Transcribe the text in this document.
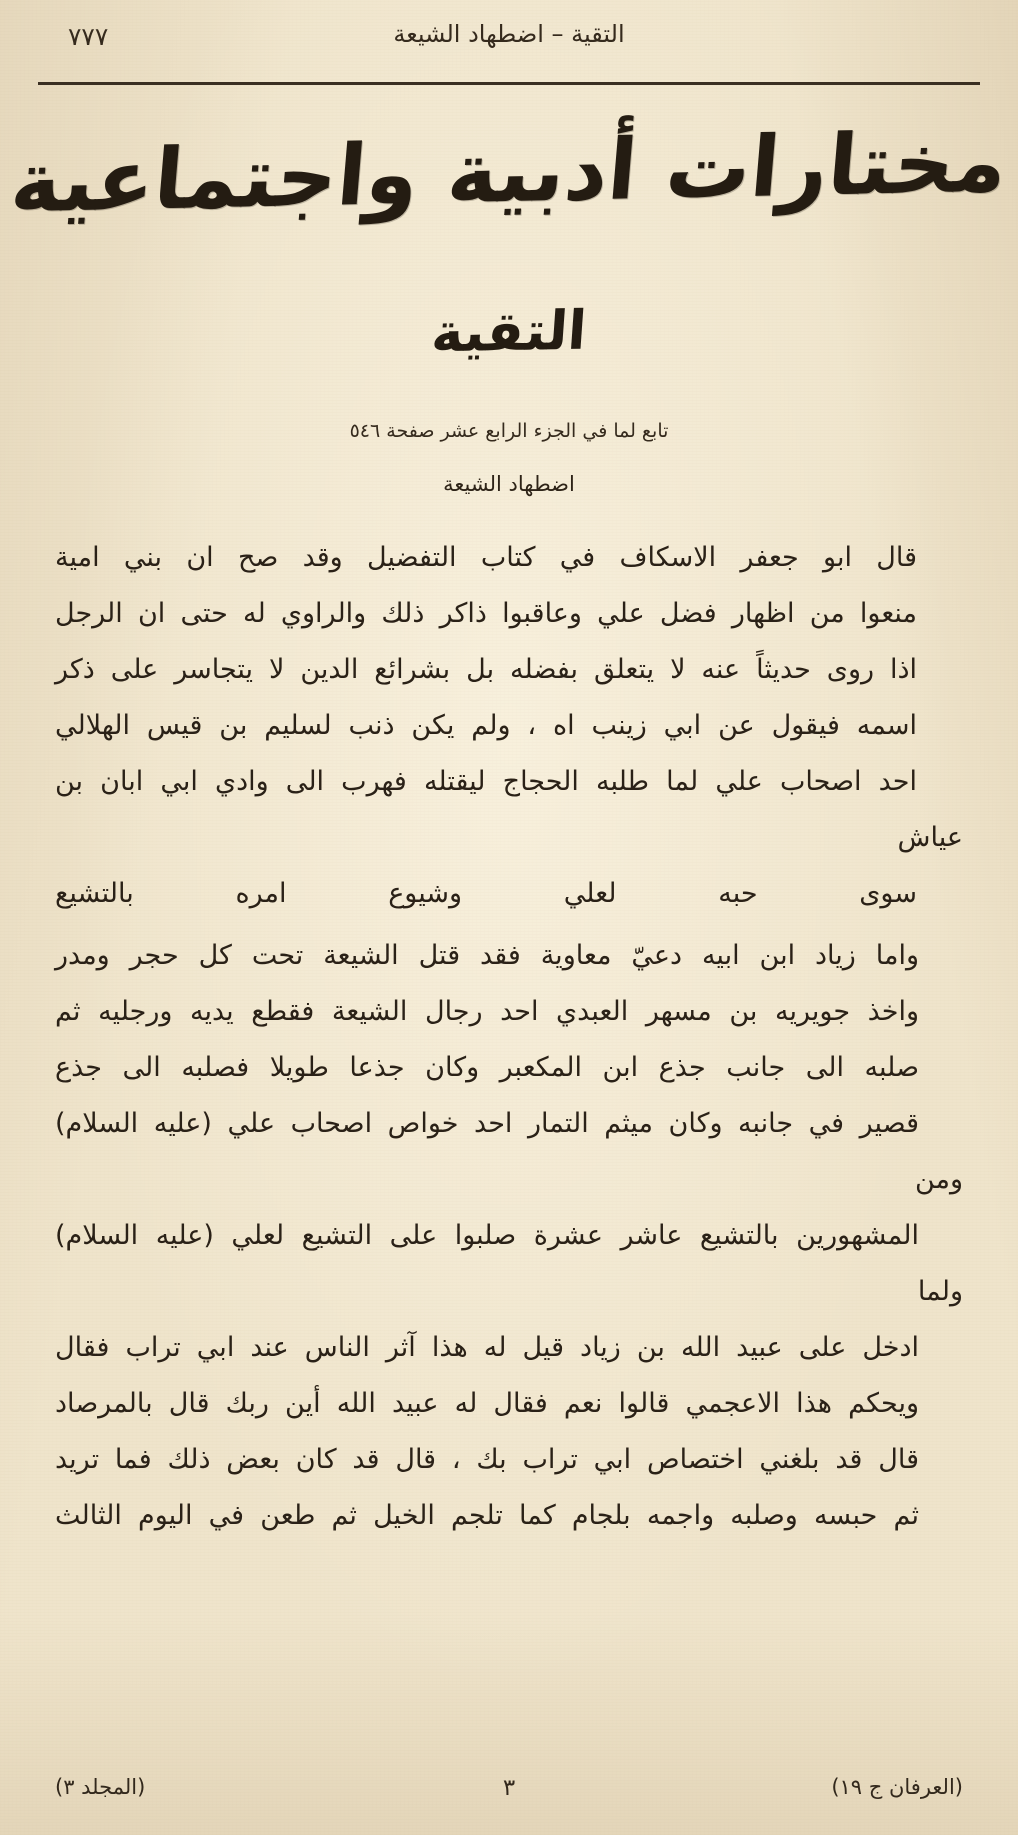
٧٧٧	التقية – اضطهاد الشيعة
مختارات أدبية واجتماعية
التقية
تابع لما في الجزء الرابع عشر صفحة ٥٤٦
اضطهاد الشيعة

قال ابو جعفر الاسكاف في كتاب التفضيل وقد صح ان بني امية
منعوا من اظهار فضل علي وعاقبوا ذاكر ذلك والراوي له حتى ان الرجل
اذا روى حديثاً عنه لا يتعلق بفضله بل بشرائع الدين لا يتجاسر على ذكر
اسمه فيقول عن ابي زينب اه ، ولم يكن ذنب لسليم بن قيس الهلالي
احد اصحاب علي لما طلبه الحجاج ليقتله فهرب الى وادي ابي ابان بن عياش
سوى حبه لعلي وشيوع امره بالتشيع

واما زياد ابن ابيه دعيّ معاوية فقد قتل الشيعة تحت كل حجر ومدر
واخذ جويريه بن مسهر العبدي احد رجال الشيعة فقطع يديه ورجليه ثم
صلبه الى جانب جذع ابن المكعبر وكان جذعا طويلا فصلبه الى جذع
قصير في جانبه وكان ميثم التمار احد خواص اصحاب علي (عليه السلام) ومن
المشهورين بالتشيع عاشر عشرة صلبوا على التشيع لعلي (عليه السلام) ولما
ادخل على عبيد الله بن زياد قيل له هذا آثر الناس عند ابي تراب فقال
ويحكم هذا الاعجمي قالوا نعم فقال له عبيد الله أين ربك قال بالمرصاد
قال قد بلغني اختصاص ابي تراب بك ، قال قد كان بعض ذلك فما تريد
ثم حبسه وصلبه واجمه بلجام كما تلجم الخيل ثم طعن في اليوم الثالث

(العرفان ج ١٩)
٣
(المجلد ٣)
